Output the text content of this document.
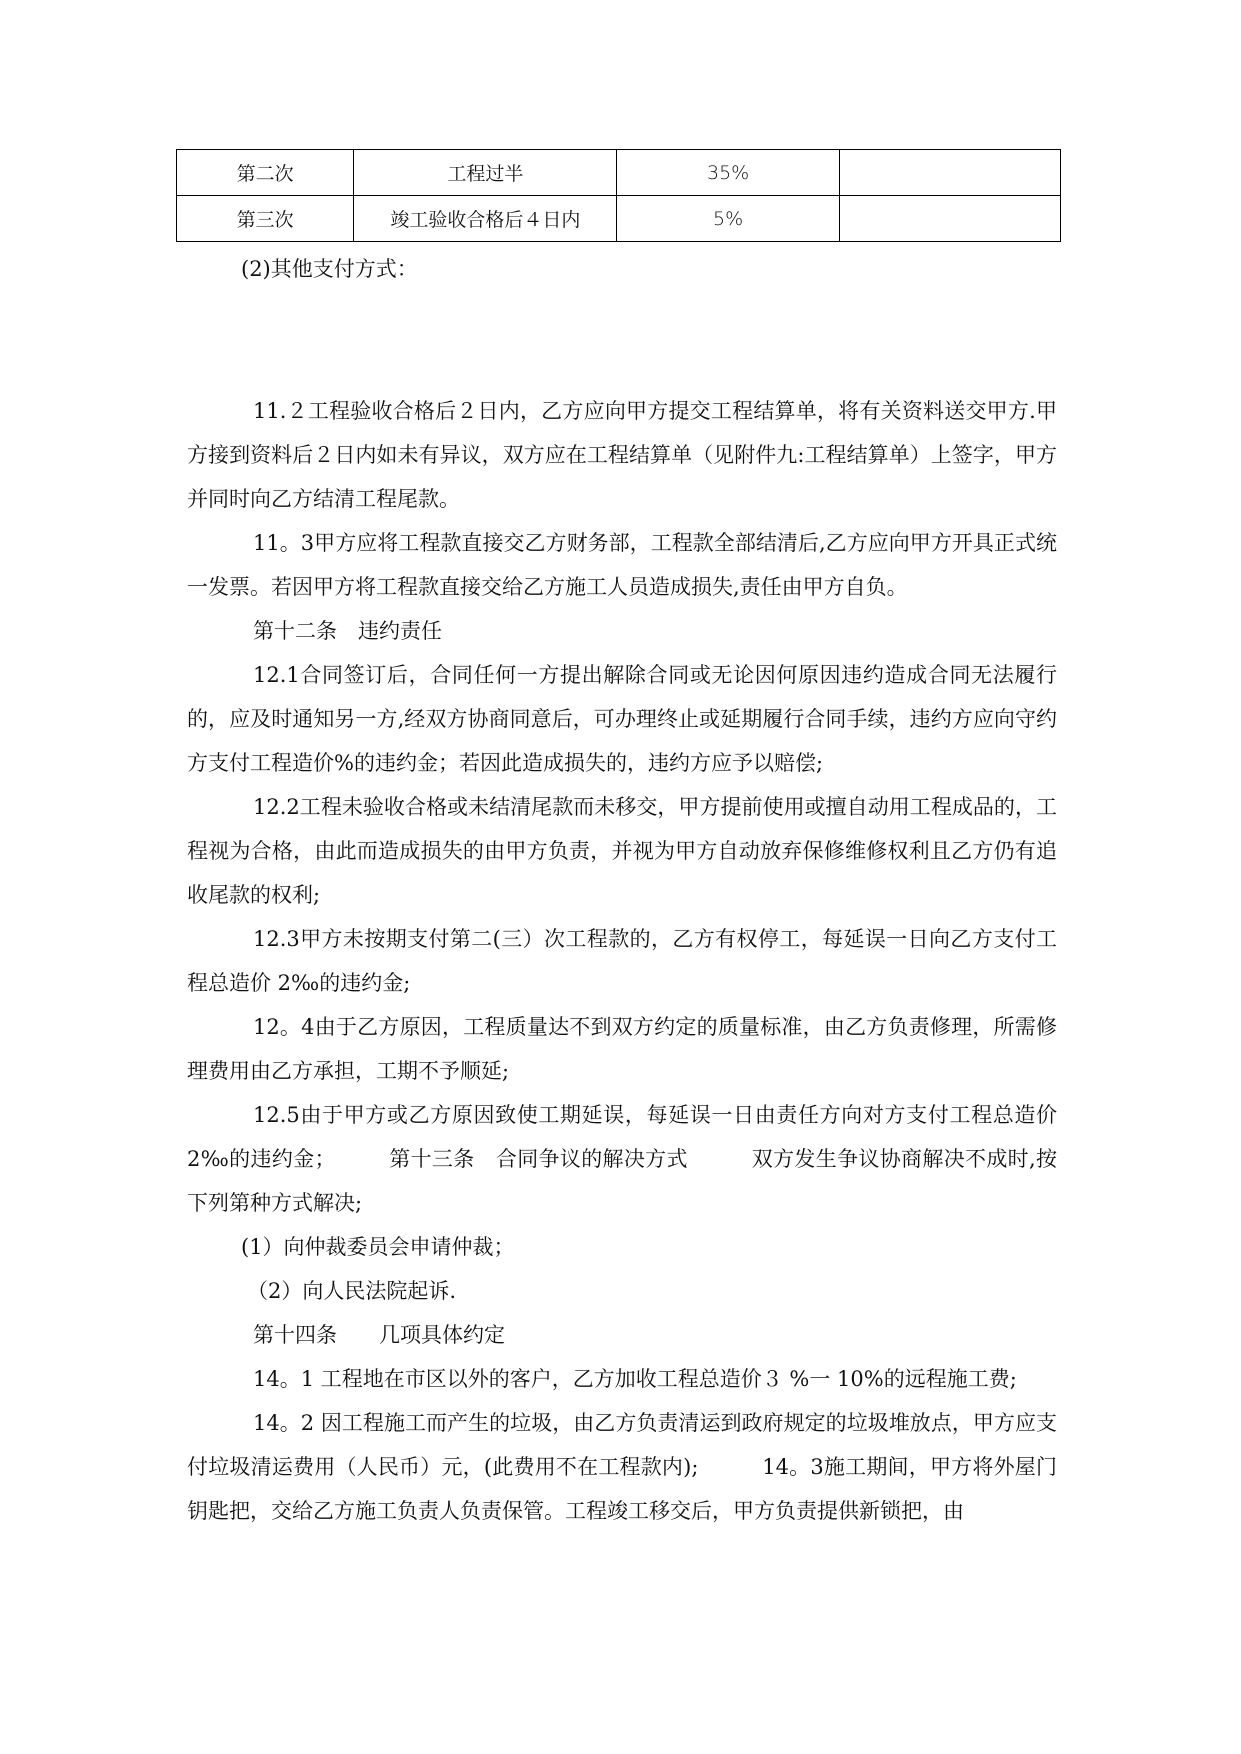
第二次	工程过半	35%	
第三次	竣工验收合格后４日内	5%	

(2)其他支付方式：

11.２工程验收合格后２日内，乙方应向甲方提交工程结算单，将有关资料送交甲方.甲方接到资料后２日内如未有异议，双方应在工程结算单（见附件九:工程结算单）上签字，甲方并同时向乙方结清工程尾款。

11。3甲方应将工程款直接交乙方财务部，工程款全部结清后,乙方应向甲方开具正式统一发票。若因甲方将工程款直接交给乙方施工人员造成损失,责任由甲方自负。

第十二条　违约责任

12.1合同签订后，合同任何一方提出解除合同或无论因何原因违约造成合同无法履行的，应及时通知另一方,经双方协商同意后，可办理终止或延期履行合同手续，违约方应向守约方支付工程造价%的违约金；若因此造成损失的，违约方应予以赔偿;

12.2工程未验收合格或未结清尾款而未移交，甲方提前使用或擅自动用工程成品的，工程视为合格，由此而造成损失的由甲方负责，并视为甲方自动放弃保修维修权利且乙方仍有追收尾款的权利;

12.3甲方未按期支付第二(三）次工程款的，乙方有权停工，每延误一日向乙方支付工程总造价 2‰的违约金;

12。4由于乙方原因，工程质量达不到双方约定的质量标准，由乙方负责修理，所需修理费用由乙方承担，工期不予顺延;

12.5由于甲方或乙方原因致使工期延误，每延误一日由责任方向对方支付工程总造价 2‰的违约金；　　　第十三条　合同争议的解决方式　　　双方发生争议协商解决不成时,按下列第种方式解决;

(1）向仲裁委员会申请仲裁；

（2）向人民法院起诉.

第十四条　　几项具体约定

14。1 工程地在市区以外的客户，乙方加收工程总造价３ %一 10%的远程施工费;

14。2 因工程施工而产生的垃圾，由乙方负责清运到政府规定的垃圾堆放点，甲方应支付垃圾清运费用（人民币）元，(此费用不在工程款内);　　　14。3施工期间，甲方将外屋门钥匙把，交给乙方施工负责人负责保管。工程竣工移交后，甲方负责提供新锁把，由
